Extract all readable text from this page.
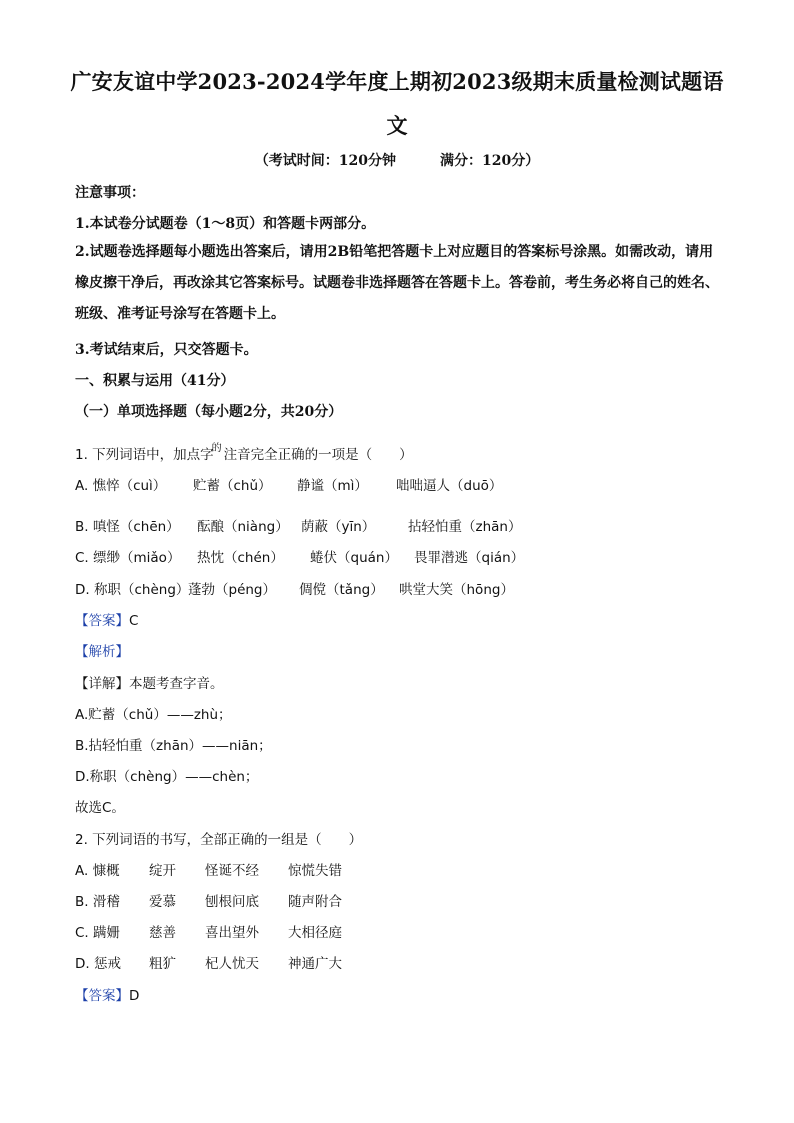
广安友谊中学2023-2024学年度上期初2023级期末质量检测试题语
文
（考试时间：120分钟	满分：120分）
注意事项：
1.本试卷分试题卷（1～8页）和答题卡两部分。
2.试题卷选择题每小题选出答案后，请用2B铅笔把答题卡上对应题目的答案标号涂黑。如需改动，请用橡皮擦干净后，再改涂其它答案标号。试题卷非选择题答在答题卡上。答卷前，考生务必将自己的姓名、班级、准考证号涂写在答题卡上。
3.考试结束后，只交答题卡。
一、积累与运用（41分）
（一）单项选择题（每小题2分，共20分）
1. 下列词语中，加点字$^的$ 注音完全正确的一项是（　　）
A. 憔悴（cuì） 贮蓄（chǔ） 静谧（mì） 咄咄逼人（duō）
B. 嗔怪（chēn） 酝酿（niàng） 荫蔽（yīn） 拈轻怕重（zhān）
C. 缥缈（miǎo） 热忱（chén） 蜷伏（quán） 畏罪潜逃（qián）
D. 称职（chèng）
蓬勃（péng） 倜傥（tǎng） 哄堂大笑（hōng）
【答案】C
【解析】
【详解】本题考查字音。
A.贮蓄（chǔ）——zhù；
B.拈轻怕重（zhān）——niān；
D.称职（chèng）——chèn；
故选C。
2. 下列词语的书写，全部正确的一组是（　　）
A. 慷概 绽开 怪诞不经 惊慌失错
B. 滑稽 爱慕 刨根问底 随声附合
C. 蹒姗 慈善 喜出望外 大相径庭
D. 惩戒 粗犷 杞人忧天 神通广大
【答案】D
